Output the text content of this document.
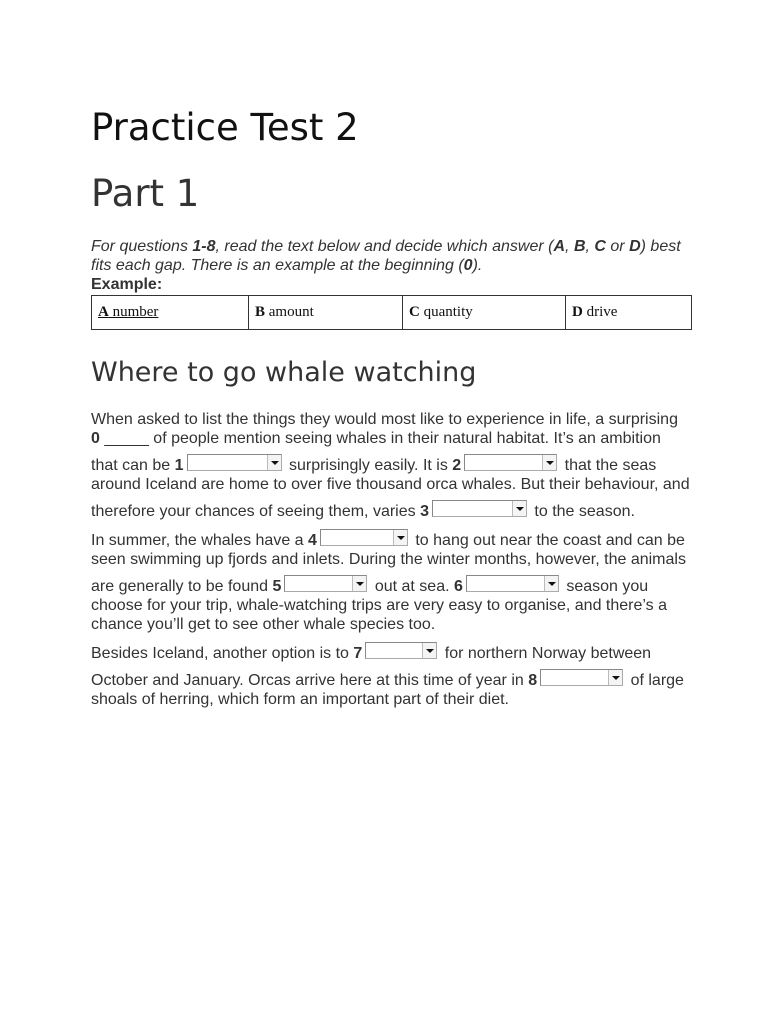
Practice Test 2
Part 1
For questions 1-8, read the text below and decide which answer (A, B, C or D) best fits each gap. There is an example at the beginning (0).
Example:
A number	B amount	C quantity	D drive
Where to go whale watching

When asked to list the things they would most like to experience in life, a surprising 0 _____ of people mention seeing whales in their natural habitat. It’s an ambition that can be 1	surprisingly easily. It is 2	that the seas around Iceland are home to over five thousand orca whales. But their behaviour, and therefore your chances of seeing them, varies 3	to the season.

In summer, the whales have a 4	to hang out near the coast and can be seen swimming up fjords and inlets. During the winter months, however, the animals are generally to be found 5	out at sea. 6	season you choose for your trip, whale-watching trips are very easy to organise, and there’s a chance you’ll get to see other whale species too.

Besides Iceland, another option is to 7	for northern Norway between October and January. Orcas arrive here at this time of year in 8	of large shoals of herring, which form an important part of their diet.
